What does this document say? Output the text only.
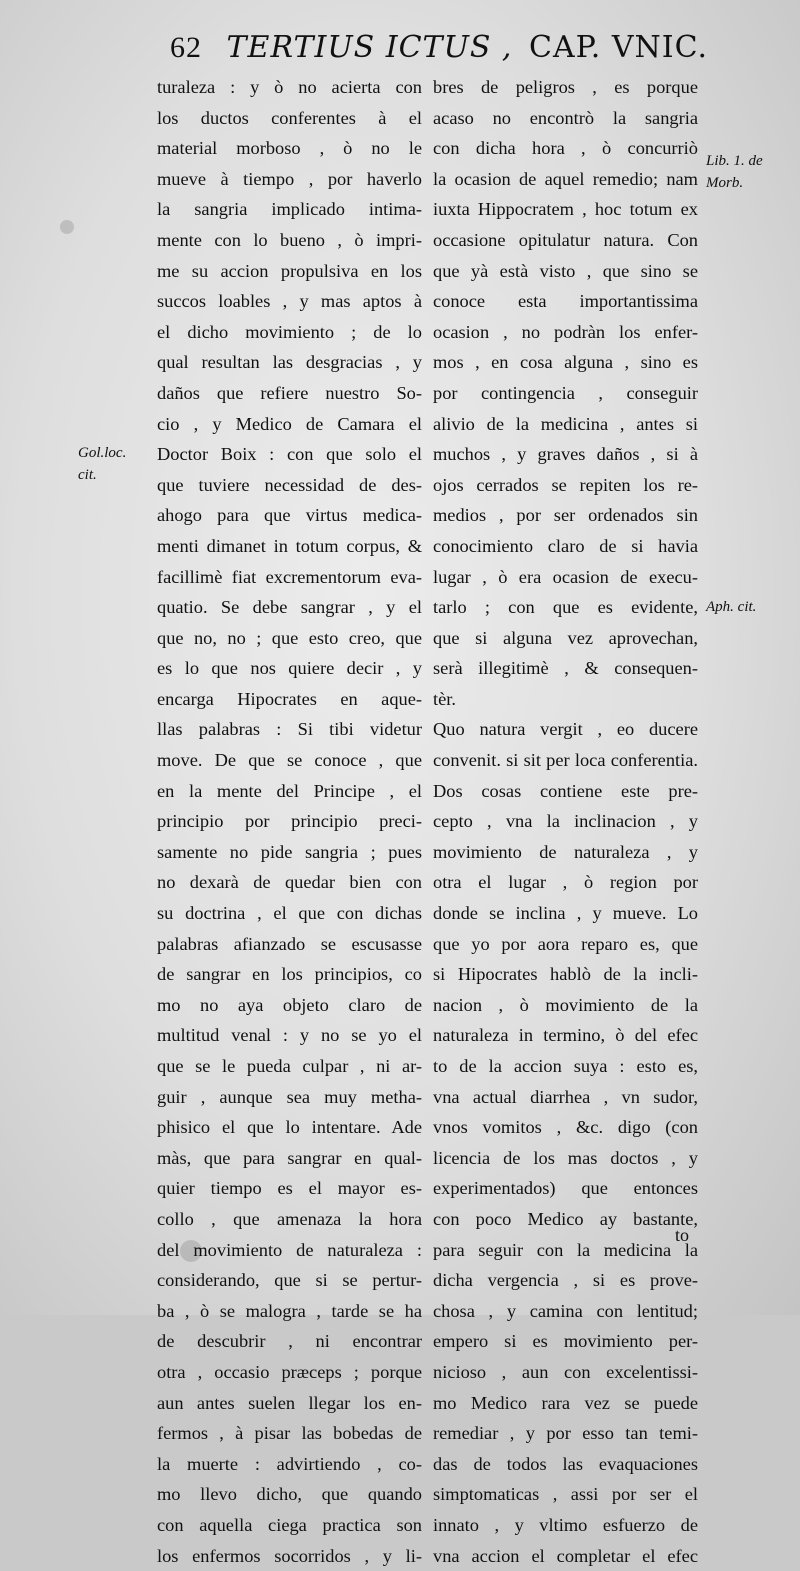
62 TERTIUS ICTUS , CAP. VNIC.
Gol.loc.
cit.
Lib. 1. de
Morb.
Aph. cit.
turaleza : y ò no acierta con
los ductos conferentes à el
material morboso , ò no le
mueve à tiempo , por haverlo
la sangria implicado intima-
mente con lo bueno , ò impri-
me su accion propulsiva en los
succos loables , y mas aptos à
el dicho movimiento ; de lo
qual resultan las desgracias , y
daños que refiere nuestro So-
cio , y Medico de Camara el
Doctor Boix : con que solo el
que tuviere necessidad de des-
ahogo para que virtus medica-
menti dimanet in totum corpus, &
facillimè fiat excrementorum eva-
quatio. Se debe sangrar , y el
que no, no ; que esto creo, que
es lo que nos quiere decir , y
encarga Hipocrates en aque-
llas palabras : Si tibi videtur
move. De que se conoce , que
en la mente del Principe , el
principio por principio preci-
samente no pide sangria ; pues
no dexarà de quedar bien con
su doctrina , el que con dichas
palabras afianzado se escusasse
de sangrar en los principios, co
mo no aya objeto claro de
multitud venal : y no se yo el
que se le pueda culpar , ni ar-
guir , aunque sea muy metha-
phisico el que lo intentare. Ade
màs, que para sangrar en qual-
quier tiempo es el mayor es-
collo , que amenaza la hora
del movimiento de naturaleza :
considerando, que si se pertur-
ba , ò se malogra , tarde se ha
de descubrir , ni encontrar
otra , occasio præceps ; porque
aun antes suelen llegar los en-
fermos , à pisar las bobedas de
la muerte : advirtiendo , co-
mo llevo dicho, que quando
con aquella ciega practica son
los enfermos socorridos , y li-
bres de peligros , es porque
acaso no encontrò la sangria
con dicha hora , ò concurriò
la ocasion de aquel remedio; nam
iuxta Hippocratem , hoc totum ex
occasione opitulatur natura. Con
que yà està visto , que sino se
conoce esta importantissima
ocasion , no podràn los enfer-
mos , en cosa alguna , sino es
por contingencia , conseguir
alivio de la medicina , antes si
muchos , y graves daños , si à
ojos cerrados se repiten los re-
medios , por ser ordenados sin
conocimiento claro de si havia
lugar , ò era ocasion de execu-
tarlo ; con que es evidente,
que si alguna vez aprovechan,
serà illegitimè , & consequen-
tèr.
Quo natura vergit , eo ducere
convenit. si sit per loca conferentia.
Dos cosas contiene este pre-
cepto , vna la inclinacion , y
movimiento de naturaleza , y
otra el lugar , ò region por
donde se inclina , y mueve. Lo
que yo por aora reparo es, que
si Hipocrates hablò de la incli-
nacion , ò movimiento de la
naturaleza in termino, ò del efec
to de la accion suya : esto es,
vna actual diarrhea , vn sudor,
vnos vomitos , &c. digo (con
licencia de los mas doctos , y
experimentados) que entonces
con poco Medico ay bastante,
para seguir con la medicina la
dicha vergencia , si es prove-
chosa , y camina con lentitud;
empero si es movimiento per-
nicioso , aun con excelentissi-
mo Medico rara vez se puede
remediar , y por esso tan temi-
das de todos las evaquaciones
simptomaticas , assi por ser el
innato , y vltimo esfuerzo de
vna accion el completar el efec
to
